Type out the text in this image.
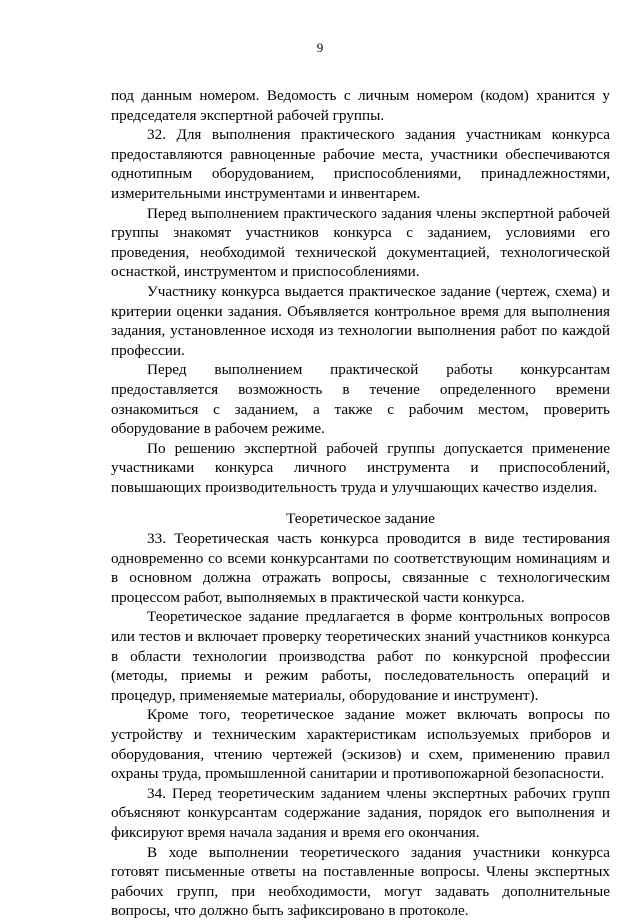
9

под данным номером. Ведомость с личным номером (кодом) хранится у председателя экспертной рабочей группы.

32. Для выполнения практического задания участникам конкурса предоставляются равноценные рабочие места, участники обеспечиваются однотипным оборудованием, приспособлениями, принадлежностями, измерительными инструментами и инвентарем.

Перед выполнением практического задания члены экспертной рабочей группы знакомят участников конкурса с заданием, условиями его проведения, необходимой технической документацией, технологической оснасткой, инструментом и приспособлениями.

Участнику конкурса выдается практическое задание (чертеж, схема) и критерии оценки задания. Объявляется контрольное время для выполнения задания, установленное исходя из технологии выполнения работ по каждой профессии.

Перед выполнением практической работы конкурсантам предоставляется возможность в течение определенного времени ознакомиться с заданием, а также с рабочим местом, проверить оборудование в рабочем режиме.

По решению экспертной рабочей группы допускается применение участниками конкурса личного инструмента и приспособлений, повышающих производительность труда и улучшающих качество изделия.

Теоретическое задание

33. Теоретическая часть конкурса проводится в виде тестирования одновременно со всеми конкурсантами по соответствующим номинациям и в основном должна отражать вопросы, связанные с технологическим процессом работ, выполняемых в практической части конкурса.

Теоретическое задание предлагается в форме контрольных вопросов или тестов и включает проверку теоретических знаний участников конкурса в области технологии производства работ по конкурсной профессии (методы, приемы и режим работы, последовательность операций и процедур, применяемые материалы, оборудование и инструмент).

Кроме того, теоретическое задание может включать вопросы по устройству и техническим характеристикам используемых приборов и оборудования, чтению чертежей (эскизов) и схем, применению правил охраны труда, промышленной санитарии и противопожарной безопасности.

34. Перед теоретическим заданием члены экспертных рабочих групп объясняют конкурсантам содержание задания, порядок его выполнения и фиксируют время начала задания и время его окончания.

В ходе выполнении теоретического задания участники конкурса готовят письменные ответы на поставленные вопросы. Члены экспертных рабочих групп, при необходимости, могут задавать дополнительные вопросы, что должно быть зафиксировано в протоколе.
